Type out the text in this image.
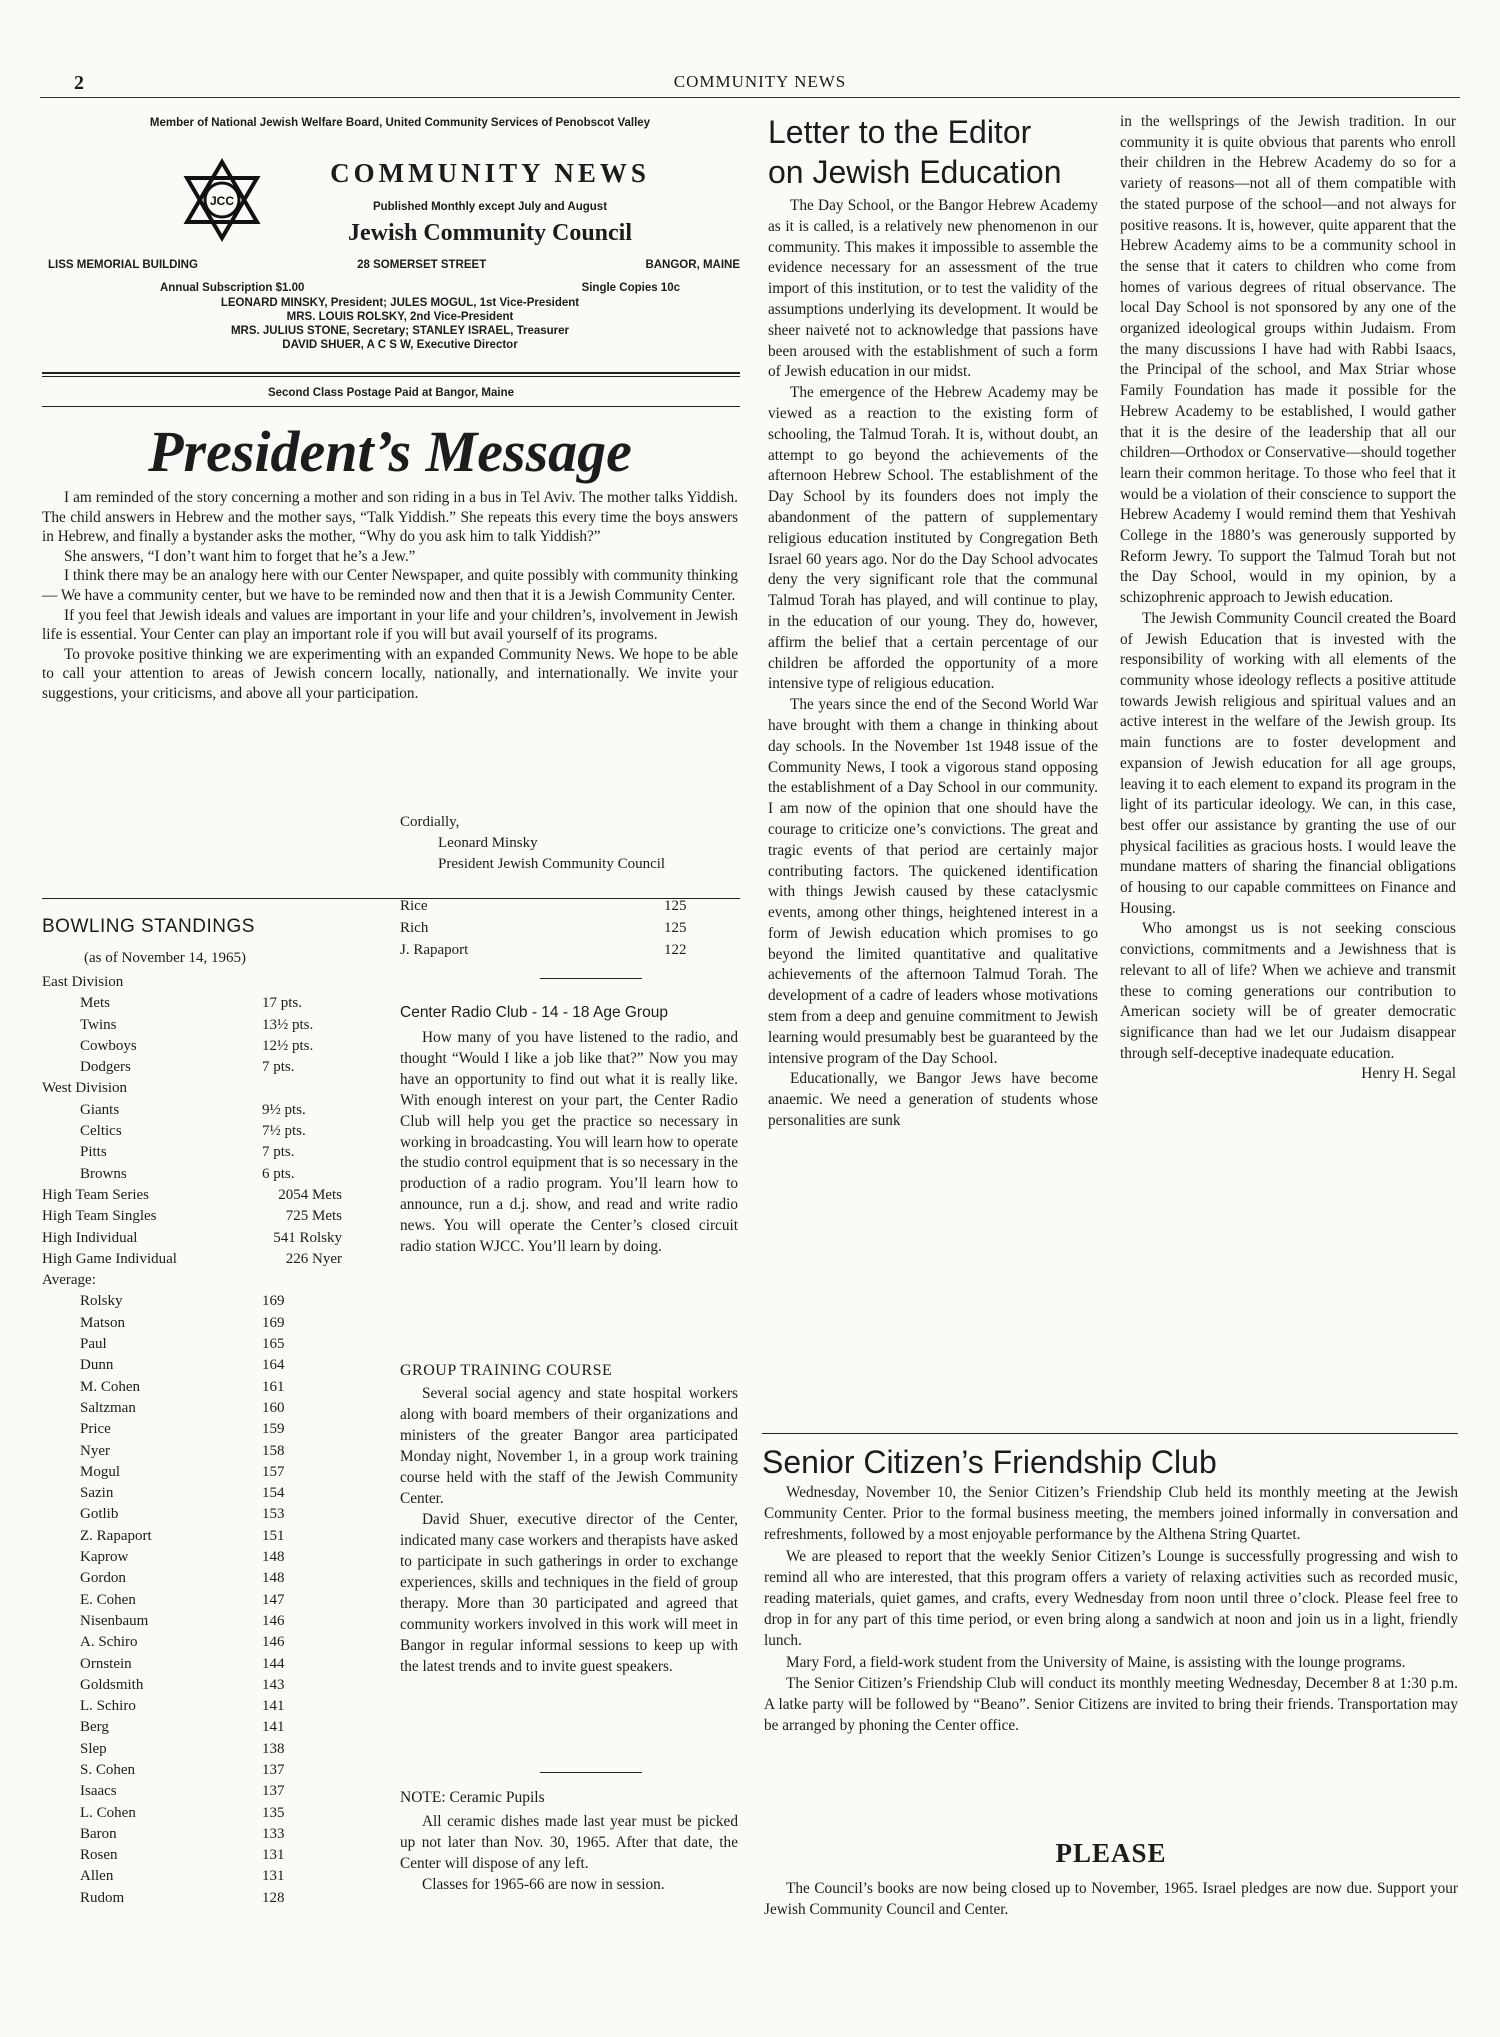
2	COMMUNITY NEWS
Member of National Jewish Welfare Board, United Community Services of Penobscot Valley
JCC
COMMUNITY NEWS
Published Monthly except July and August
Jewish Community Council
LISS MEMORIAL BUILDING	28 SOMERSET STREET	BANGOR, MAINE
Annual Subscription $1.00	Single Copies 10c
LEONARD MINSKY, President; JULES MOGUL, 1st Vice-President
MRS. LOUIS ROLSKY, 2nd Vice-President
MRS. JULIUS STONE, Secretary; STANLEY ISRAEL, Treasurer
DAVID SHUER, A C S W, Executive Director
Second Class Postage Paid at Bangor, Maine
President’s Message

I am reminded of the story concerning a mother and son riding in a bus in Tel Aviv. The mother talks Yiddish. The child answers in Hebrew and the mother says, “Talk Yiddish.” She repeats this every time the boys answers in Hebrew, and finally a bystander asks the mother, “Why do you ask him to talk Yiddish?”

She answers, “I don’t want him to forget that he’s a Jew.”

I think there may be an analogy here with our Center Newspaper, and quite possibly with community thinking — We have a community center, but we have to be reminded now and then that it is a Jewish Community Center.

If you feel that Jewish ideals and values are important in your life and your children’s, involvement in Jewish life is essential. Your Center can play an important role if you will but avail yourself of its programs.

To provoke positive thinking we are experimenting with an expanded Community News. We hope to be able to call your attention to areas of Jewish concern locally, nationally, and internationally. We invite your suggestions, your criticisms, and above all your participation.

Cordially,
Leonard Minsky
President Jewish Community Council
BOWLING STANDINGS
(as of November 14, 1965)
East Division
Mets	17 pts.
Twins	13½ pts.
Cowboys	12½ pts.
Dodgers	7 pts.
West Division
Giants	9½ pts.
Celtics	7½ pts.
Pitts	7 pts.
Browns	6 pts.
High Team Series	2054 Mets
High Team Singles	725 Mets
High Individual	541 Rolsky
High Game Individual	226 Nyer
Average:
Rolsky	169
Matson	169
Paul	165
Dunn	164
M. Cohen	161
Saltzman	160
Price	159
Nyer	158
Mogul	157
Sazin	154
Gotlib	153
Z. Rapaport	151
Kaprow	148
Gordon	148
E. Cohen	147
Nisenbaum	146
A. Schiro	146
Ornstein	144
Goldsmith	143
L. Schiro	141
Berg	141
Slep	138
S. Cohen	137
Isaacs	137
L. Cohen	135
Baron	133
Rosen	131
Allen	131
Rudom	128
Rice	125
Rich	125
J. Rapaport	122
Center Radio Club - 14 - 18 Age Group

How many of you have listened to the radio, and thought “Would I like a job like that?” Now you may have an opportunity to find out what it is really like. With enough interest on your part, the Center Radio Club will help you get the practice so necessary in working in broadcasting. You will learn how to operate the studio control equipment that is so necessary in the production of a radio program. You’ll learn how to announce, run a d.j. show, and read and write radio news. You will operate the Center’s closed circuit radio station WJCC. You’ll learn by doing.

GROUP TRAINING COURSE

Several social agency and state hospital workers along with board members of their organizations and ministers of the greater Bangor area participated Monday night, November 1, in a group work training course held with the staff of the Jewish Community Center.

David Shuer, executive director of the Center, indicated many case workers and therapists have asked to participate in such gatherings in order to exchange experiences, skills and techniques in the field of group therapy. More than 30 participated and agreed that community workers involved in this work will meet in Bangor in regular informal sessions to keep up with the latest trends and to invite guest speakers.

NOTE: Ceramic Pupils

All ceramic dishes made last year must be picked up not later than Nov. 30, 1965. After that date, the Center will dispose of any left.

Classes for 1965-66 are now in session.

Letter to the Editor
on Jewish Education

The Day School, or the Bangor Hebrew Academy as it is called, is a relatively new phenomenon in our community. This makes it impossible to assemble the evidence necessary for an assessment of the true import of this institution, or to test the validity of the assumptions underlying its development. It would be sheer naiveté not to acknowledge that passions have been aroused with the establishment of such a form of Jewish education in our midst.

The emergence of the Hebrew Academy may be viewed as a reaction to the existing form of schooling, the Talmud Torah. It is, without doubt, an attempt to go beyond the achievements of the afternoon Hebrew School. The establishment of the Day School by its founders does not imply the abandonment of the pattern of supplementary religious education instituted by Congregation Beth Israel 60 years ago. Nor do the Day School advocates deny the very significant role that the communal Talmud Torah has played, and will continue to play, in the education of our young. They do, however, affirm the belief that a certain percentage of our children be afforded the opportunity of a more intensive type of religious education.

The years since the end of the Second World War have brought with them a change in thinking about day schools. In the November 1st 1948 issue of the Community News, I took a vigorous stand opposing the establishment of a Day School in our community. I am now of the opinion that one should have the courage to criticize one’s convictions. The great and tragic events of that period are certainly major contributing factors. The quickened identification with things Jewish caused by these cataclysmic events, among other things, heightened interest in a form of Jewish education which promises to go beyond the limited quantitative and qualitative achievements of the afternoon Talmud Torah. The development of a cadre of leaders whose motivations stem from a deep and genuine commitment to Jewish learning would presumably best be guaranteed by the intensive program of the Day School.

Educationally, we Bangor Jews have become anaemic. We need a generation of students whose personalities are sunk

in the wellsprings of the Jewish tradition. In our community it is quite obvious that parents who enroll their children in the Hebrew Academy do so for a variety of reasons—not all of them compatible with the stated purpose of the school—and not always for positive reasons. It is, however, quite apparent that the Hebrew Academy aims to be a community school in the sense that it caters to children who come from homes of various degrees of ritual observance. The local Day School is not sponsored by any one of the organized ideological groups within Judaism. From the many discussions I have had with Rabbi Isaacs, the Principal of the school, and Max Striar whose Family Foundation has made it possible for the Hebrew Academy to be established, I would gather that it is the desire of the leadership that all our children—Orthodox or Conservative—should together learn their common heritage. To those who feel that it would be a violation of their conscience to support the Hebrew Academy I would remind them that Yeshivah College in the 1880’s was generously supported by Reform Jewry. To support the Talmud Torah but not the Day School, would in my opinion, by a schizophrenic approach to Jewish education.

The Jewish Community Council created the Board of Jewish Education that is invested with the responsibility of working with all elements of the community whose ideology reflects a positive attitude towards Jewish religious and spiritual values and an active interest in the welfare of the Jewish group. Its main functions are to foster development and expansion of Jewish education for all age groups, leaving it to each element to expand its program in the light of its particular ideology. We can, in this case, best offer our assistance by granting the use of our physical facilities as gracious hosts. I would leave the mundane matters of sharing the financial obligations of housing to our capable committees on Finance and Housing.

Who amongst us is not seeking conscious convictions, commitments and a Jewishness that is relevant to all of life? When we achieve and transmit these to coming generations our contribution to American society will be of greater democratic significance than had we let our Judaism disappear through self-deceptive inadequate education.

Henry H. Segal
Senior Citizen’s Friendship Club

Wednesday, November 10, the Senior Citizen’s Friendship Club held its monthly meeting at the Jewish Community Center. Prior to the formal business meeting, the members joined informally in conversation and refreshments, followed by a most enjoyable performance by the Althena String Quartet.

We are pleased to report that the weekly Senior Citizen’s Lounge is successfully progressing and wish to remind all who are interested, that this program offers a variety of relaxing activities such as recorded music, reading materials, quiet games, and crafts, every Wednesday from noon until three o’clock. Please feel free to drop in for any part of this time period, or even bring along a sandwich at noon and join us in a light, friendly lunch.

Mary Ford, a field-work student from the University of Maine, is assisting with the lounge programs.

The Senior Citizen’s Friendship Club will conduct its monthly meeting Wednesday, December 8 at 1:30 p.m. A latke party will be followed by “Beano”. Senior Citizens are invited to bring their friends. Transportation may be arranged by phoning the Center office.

PLEASE

The Council’s books are now being closed up to November, 1965. Israel pledges are now due. Support your Jewish Community Council and Center.
